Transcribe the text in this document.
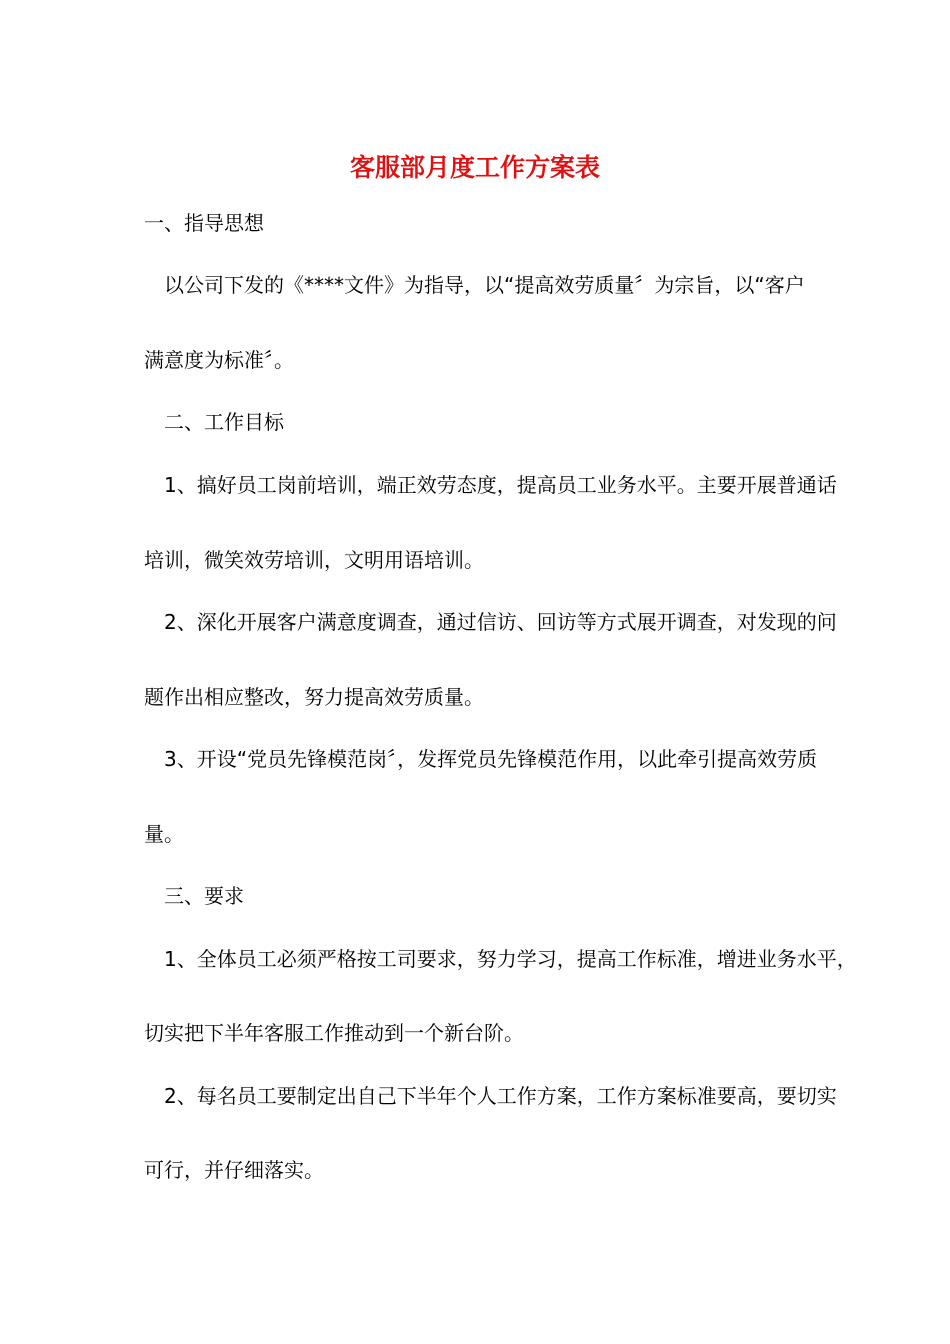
客服部月度工作方案表

一、指导思想

以公司下发的《****文件》为指导，以“提高效劳质量〞为宗旨，以“客户

满意度为标准〞。

二、工作目标

1、搞好员工岗前培训，端正效劳态度，提高员工业务水平。主要开展普通话

培训，微笑效劳培训，文明用语培训。

2、深化开展客户满意度调查，通过信访、回访等方式展开调查，对发现的问

题作出相应整改，努力提高效劳质量。

3、开设“党员先锋模范岗〞，发挥党员先锋模范作用，以此牵引提高效劳质

量。

三、要求

1、全体员工必须严格按工司要求，努力学习，提高工作标准，增进业务水平，

切实把下半年客服工作推动到一个新台阶。

2、每名员工要制定出自己下半年个人工作方案，工作方案标准要高，要切实

可行，并仔细落实。
